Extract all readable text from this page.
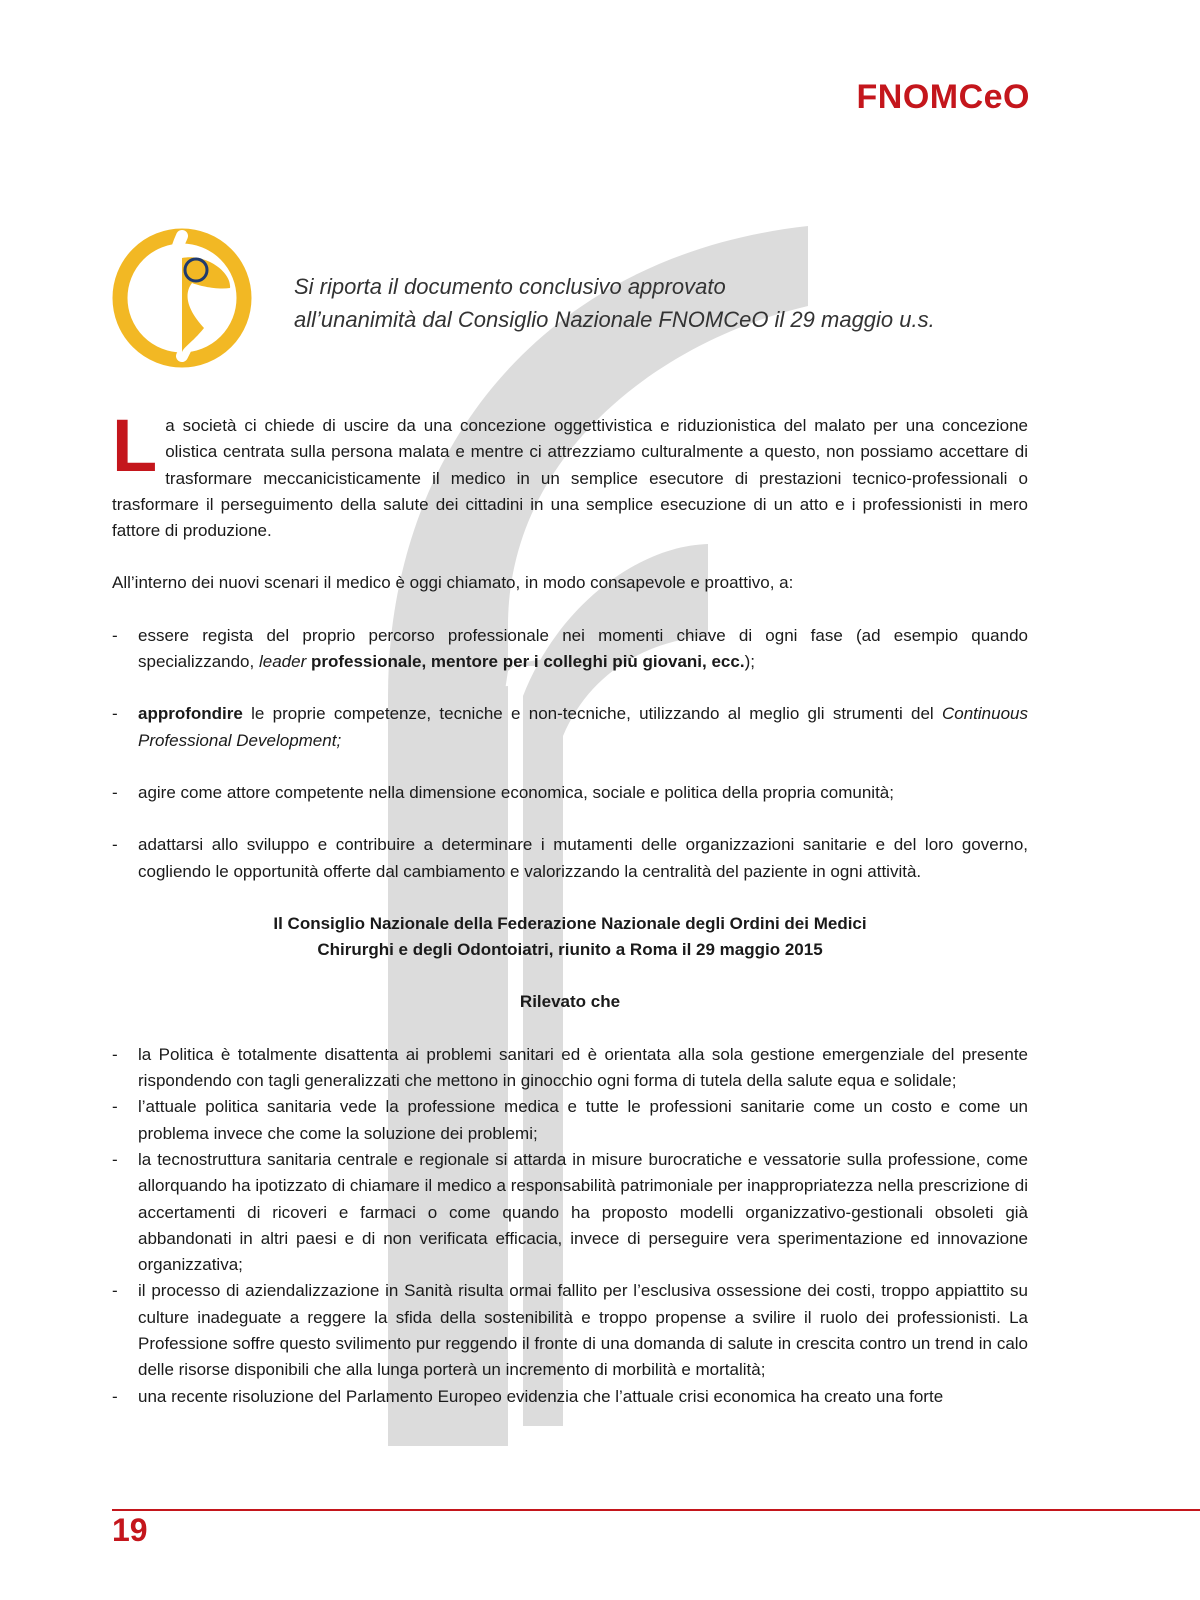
FNOMCeO
Si riporta il documento conclusivo approvato
all’unanimità dal Consiglio Nazionale FNOMCeO il 29 maggio u.s.

La società ci chiede di uscire da una concezione oggettivistica e riduzionistica del malato per una concezione olistica centrata sulla persona malata e mentre ci attrezziamo culturalmente a questo, non possiamo accettare di trasformare meccanicisticamente il medico in un semplice esecutore di prestazioni tecnico-professionali o trasformare il perseguimento della salute dei cittadini in una semplice esecuzione di un atto e i professionisti in mero fattore di produzione.

All’interno dei nuovi scenari il medico è oggi chiamato, in modo consapevole e proattivo, a:

- essere regista del proprio percorso professionale nei momenti chiave di ogni fase (ad esempio quando specializzando, leader professionale, mentore per i colleghi più giovani, ecc.);
- approfondire le proprie competenze, tecniche e non-tecniche, utilizzando al meglio gli strumenti del Continuous Professional Development;
- agire come attore competente nella dimensione economica, sociale e politica della propria comunità;
- adattarsi allo sviluppo e contribuire a determinare i mutamenti delle organizzazioni sanitarie e del loro governo, cogliendo le opportunità offerte dal cambiamento e valorizzando la centralità del paziente in ogni attività.

Il Consiglio Nazionale della Federazione Nazionale degli Ordini dei Medici
Chirurghi e degli Odontoiatri, riunito a Roma il 29 maggio 2015

Rilevato che

- la Politica è totalmente disattenta ai problemi sanitari ed è orientata alla sola gestione emergenziale del presente rispondendo con tagli generalizzati che mettono in ginocchio ogni forma di tutela della salute equa e solidale;
- l’attuale politica sanitaria vede la professione medica e tutte le professioni sanitarie come un costo e come un problema invece che come la soluzione dei problemi;
- la tecnostruttura sanitaria centrale e regionale si attarda in misure burocratiche e vessatorie sulla professione, come allorquando ha ipotizzato di chiamare il medico a responsabilità patrimoniale per inappropriatezza nella prescrizione di accertamenti di ricoveri e farmaci o come quando ha proposto modelli organizzativo-gestionali obsoleti già abbandonati in altri paesi e di non verificata efficacia, invece di perseguire vera sperimentazione ed innovazione organizzativa;
- il processo di aziendalizzazione in Sanità risulta ormai fallito per l’esclusiva ossessione dei costi, troppo appiattito su culture inadeguate a reggere la sfida della sostenibilità e troppo propense a svilire il ruolo dei professionisti. La Professione soffre questo svilimento pur reggendo il fronte di una domanda di salute in crescita contro un trend in calo delle risorse disponibili che alla lunga porterà un incremento di morbilità e mortalità;
- una recente risoluzione del Parlamento Europeo evidenzia che l’attuale crisi economica ha creato una forte
19
